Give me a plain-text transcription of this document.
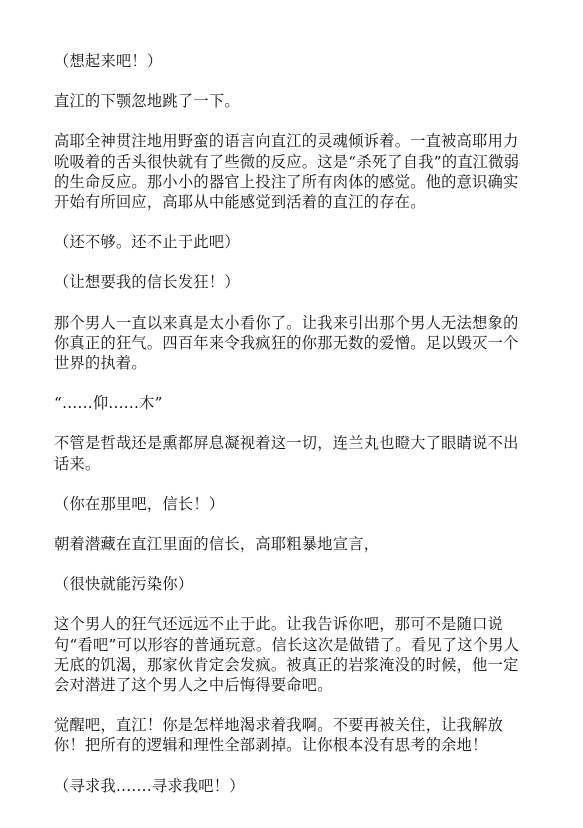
（想起来吧！）

直江的下颚忽地跳了一下。

高耶全神贯注地用野蛮的语言向直江的灵魂倾诉着。一直被高耶用力吮吸着的舌头很快就有了些微的反应。这是“杀死了自我”的直江微弱的生命反应。那小小的器官上投注了所有肉体的感觉。他的意识确实开始有所回应，高耶从中能感觉到活着的直江的存在。

（还不够。还不止于此吧）

（让想要我的信长发狂！）

那个男人一直以来真是太小看你了。让我来引出那个男人无法想象的你真正的狂气。四百年来令我疯狂的你那无数的爱憎。足以毁灭一个世界的执着。

“......仰......木”

不管是哲哉还是熏都屏息凝视着这一切，连兰丸也瞪大了眼睛说不出话来。

（你在那里吧，信长！）

朝着潜藏在直江里面的信长，高耶粗暴地宣言，

（很快就能污染你）

这个男人的狂气还远远不止于此。让我告诉你吧，那可不是随口说句“看吧”可以形容的普通玩意。信长这次是做错了。看见了这个男人无底的饥渴，那家伙肯定会发疯。被真正的岩浆淹没的时候，他一定会对潜进了这个男人之中后悔得要命吧。

觉醒吧，直江！你是怎样地渴求着我啊。不要再被关住，让我解放你！把所有的逻辑和理性全部剥掉。让你根本没有思考的余地！

（寻求我.......寻求我吧！）
